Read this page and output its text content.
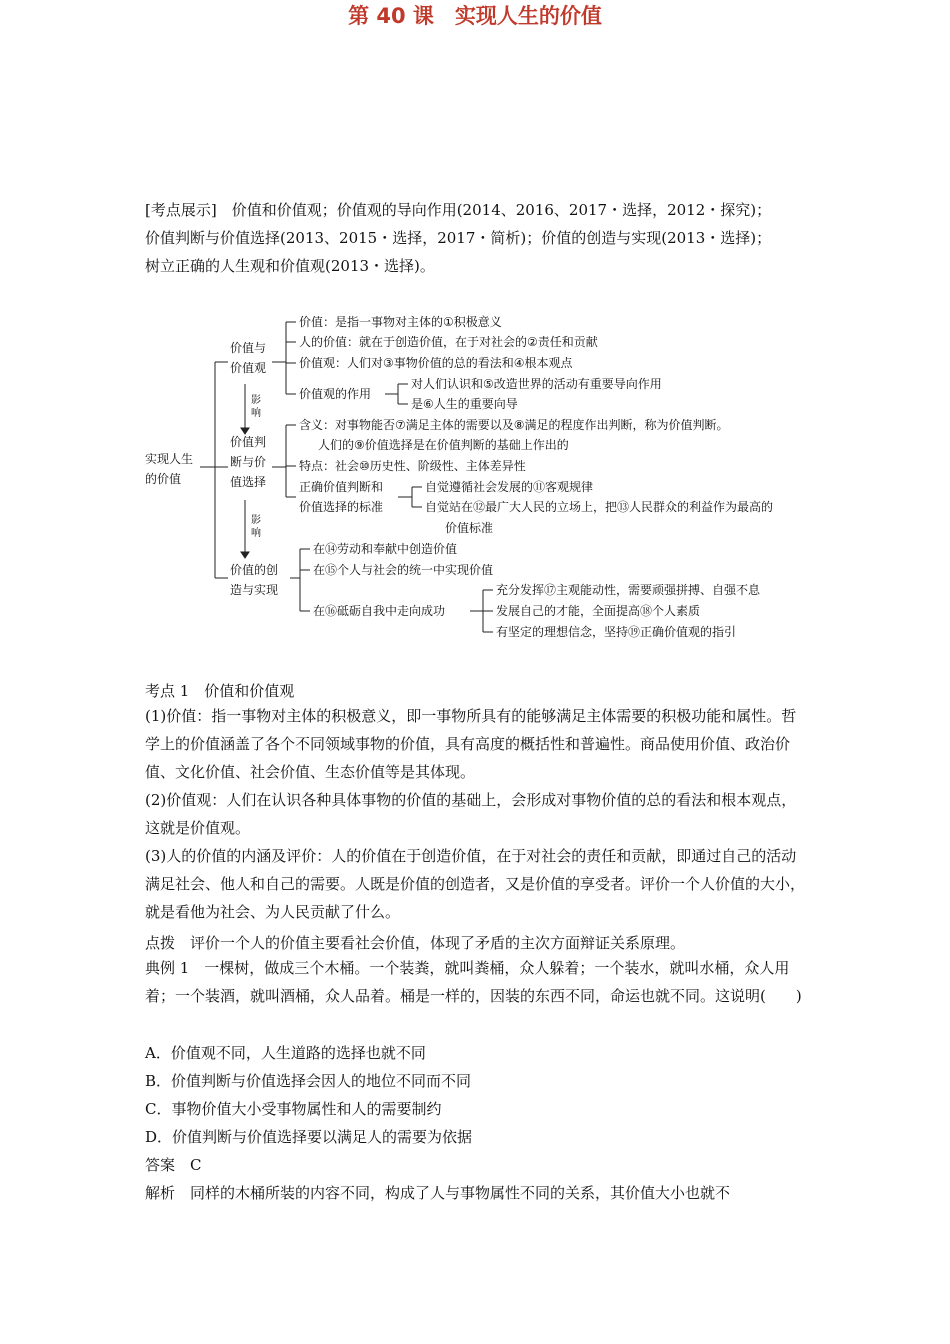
第 40 课　实现人生的价值
[考点展示]　价值和价值观；价值观的导向作用(2014、2016、2017・选择，2012・探究)；
价值判断与价值选择(2013、2015・选择，2017・简析)；价值的创造与实现(2013・选择)；
树立正确的人生观和价值观(2013・选择)。
实现人生
的价值
价值与
价值观
影
响
价值判
断与价
值选择
影
响
价值的创
造与实现
价值：是指一事物对主体的①积极意义
人的价值：就在于创造价值，在于对社会的②责任和贡献
价值观：人们对③事物价值的总的看法和④根本观点
价值观的作用
对人们认识和⑤改造世界的活动有重要导向作用
是⑥人生的重要向导
含义：对事物能否⑦满足主体的需要以及⑧满足的程度作出判断，称为价值判断。
人们的⑨价值选择是在价值判断的基础上作出的
特点：社会⑩历史性、阶级性、主体差异性
正确价值判断和
价值选择的标准
自觉遵循社会发展的⑪客观规律
自觉站在⑫最广大人民的立场上，把⑬人民群众的利益作为最高的
价值标准
在⑭劳动和奉献中创造价值
在⑮个人与社会的统一中实现价值
在⑯砥砺自我中走向成功
充分发挥⑰主观能动性，需要顽强拼搏、自强不息
发展自己的才能，全面提高⑱个人素质
有坚定的理想信念，坚持⑲正确价值观的指引
考点 1　价值和价值观
(1)价值：指一事物对主体的积极意义，即一事物所具有的能够满足主体需要的积极功能和属性。哲学上的价值涵盖了各个不同领域事物的价值，具有高度的概括性和普遍性。商品使用价值、政治价值、文化价值、社会价值、生态价值等是其体现。
(2)价值观：人们在认识各种具体事物的价值的基础上，会形成对事物价值的总的看法和根本观点，这就是价值观。
(3)人的价值的内涵及评价：人的价值在于创造价值，在于对社会的责任和贡献，即通过自己的活动满足社会、他人和自己的需要。人既是价值的创造者，又是价值的享受者。评价一个人价值的大小，就是看他为社会、为人民贡献了什么。
点拨　评价一个人的价值主要看社会价值，体现了矛盾的主次方面辩证关系原理。
典例 1　一棵树，做成三个木桶。一个装粪，就叫粪桶，众人躲着；一个装水，就叫水桶，众人用着；一个装酒，就叫酒桶，众人品着。桶是一样的，因装的东西不同，命运也就不同。这说明(　　)
A．价值观不同，人生道路的选择也就不同
B．价值判断与价值选择会因人的地位不同而不同
C．事物价值大小受事物属性和人的需要制约
D．价值判断与价值选择要以满足人的需要为依据
答案　C
解析　同样的木桶所装的内容不同，构成了人与事物属性不同的关系，其价值大小也就不
